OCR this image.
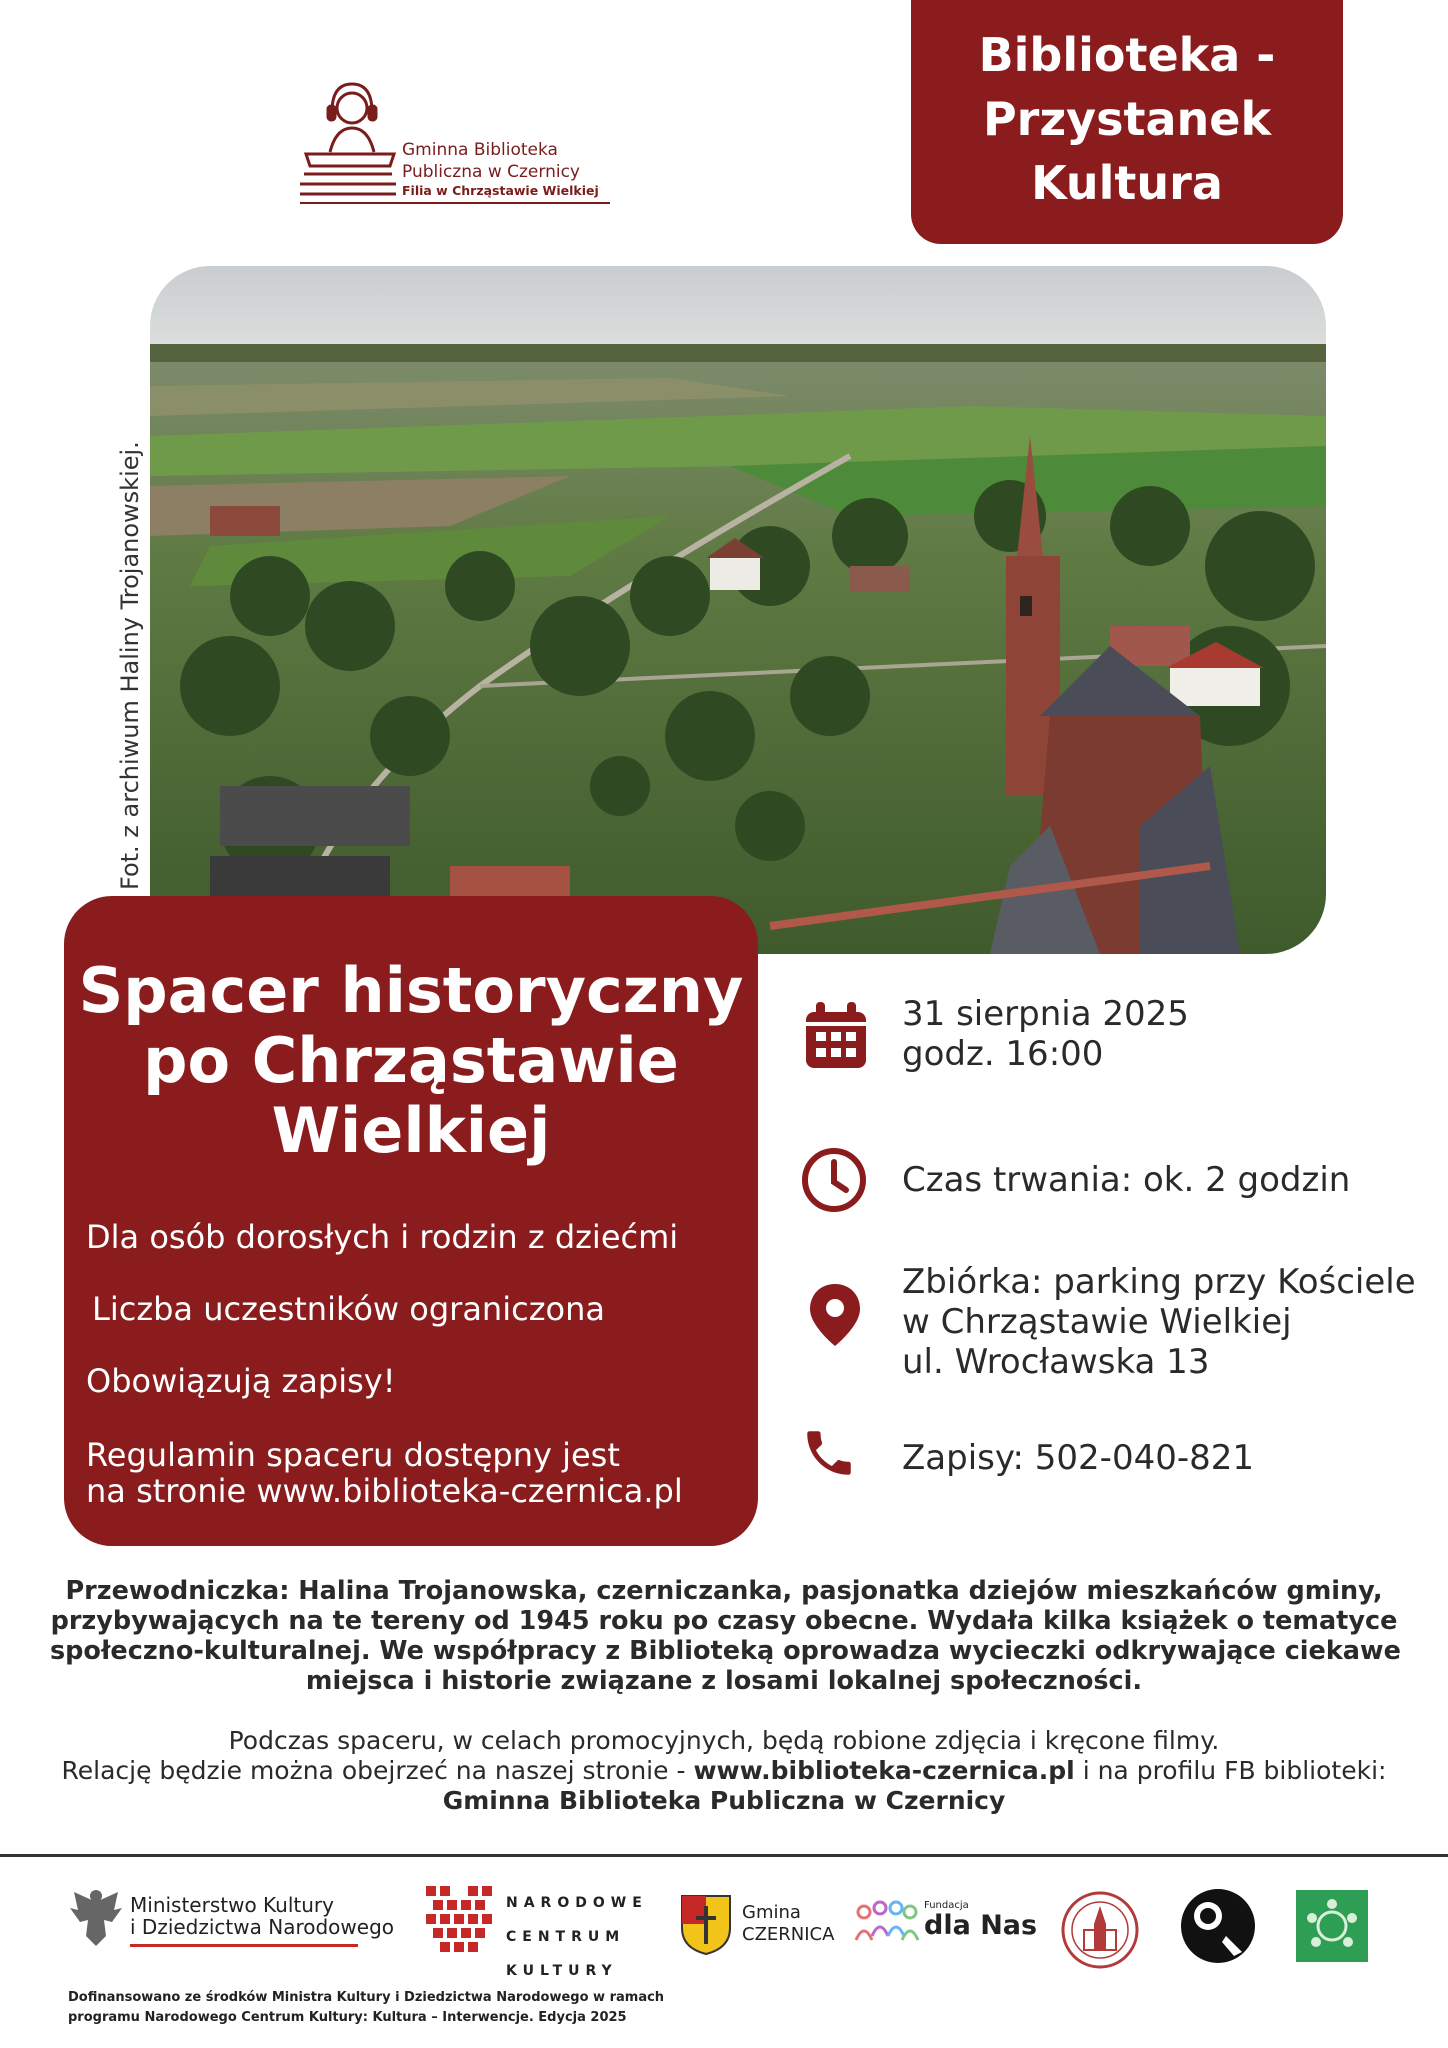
Gminna Biblioteka
Publiczna w Czernicy
Filia w Chrząstawie Wielkiej
Biblioteka -
Przystanek
Kultura
Fot. z archiwum Haliny Trojanowskiej.
Spacer historyczny
po Chrząstawie
Wielkiej
Dla osób dorosłych i rodzin z dziećmi
Liczba uczestników ograniczona
Obowiązują zapisy!
Regulamin spaceru dostępny jest
na stronie www.biblioteka-czernica.pl
31 sierpnia 2025
godz. 16:00
Czas trwania: ok. 2 godzin
Zbiórka: parking przy Kościele
w Chrząstawie Wielkiej
ul. Wrocławska 13
Zapisy: 502-040-821
Przewodniczka: Halina Trojanowska, czerniczanka, pasjonatka dziejów mieszkańców gminy,
przybywających na te tereny od 1945 roku po czasy obecne. Wydała kilka książek o tematyce
społeczno-kulturalnej. We współpracy z Biblioteką oprowadza wycieczki odkrywające ciekawe
miejsca i historie związane z losami lokalnej społeczności.
Podczas spaceru, w celach promocyjnych, będą robione zdjęcia i kręcone filmy.
Relację będzie można obejrzeć na naszej stronie - www.biblioteka-czernica.pl i na profilu FB biblioteki:
Gminna Biblioteka Publiczna w Czernicy
Ministerstwo Kultury
i Dziedzictwa Narodowego
NARODOWE
CENTRUM
KULTURY
Gmina
CZERNICA
Fundacja
dla Nas
Dofinansowano ze środków Ministra Kultury i Dziedzictwa Narodowego w ramach
programu Narodowego Centrum Kultury: Kultura – Interwencje. Edycja 2025
